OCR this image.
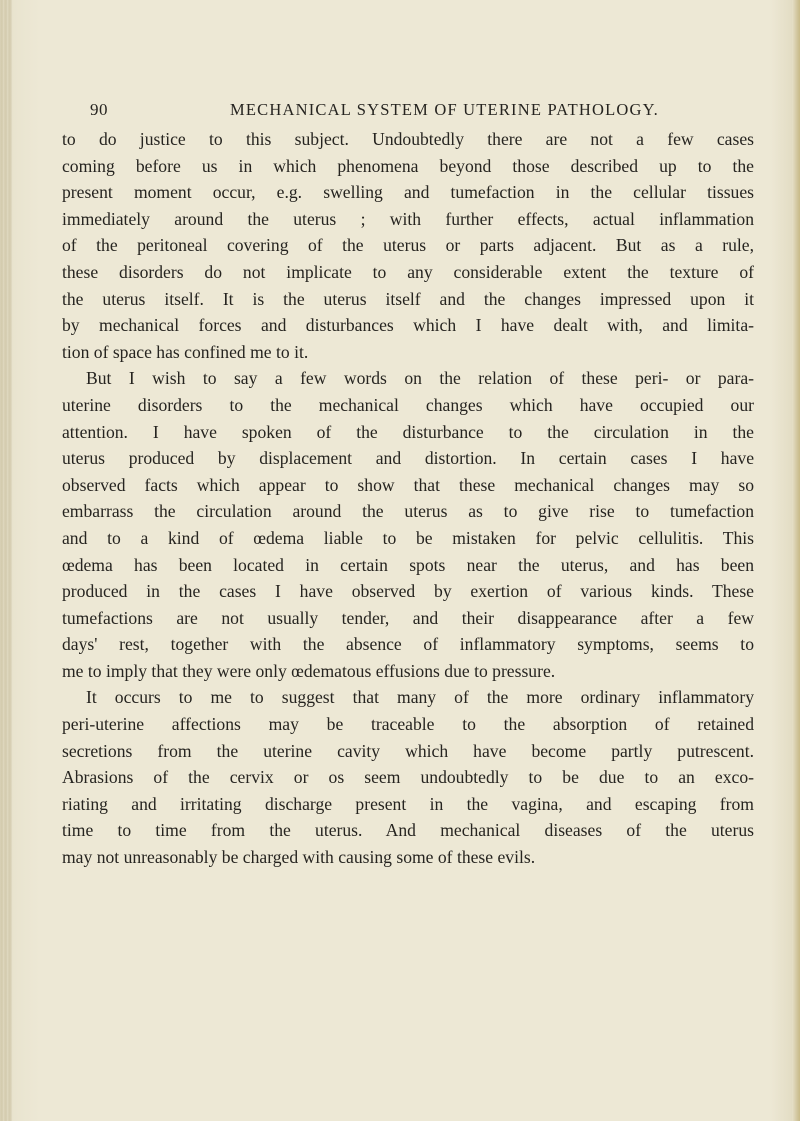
90	MECHANICAL SYSTEM OF UTERINE PATHOLOGY.
to do justice to this subject. Undoubtedly there are not a few cases
coming before us in which phenomena beyond those described up to the
present moment occur, e.g. swelling and tumefaction in the cellular tissues
immediately around the uterus ; with further effects, actual inflammation
of the peritoneal covering of the uterus or parts adjacent. But as a rule,
these disorders do not implicate to any considerable extent the texture of
the uterus itself. It is the uterus itself and the changes impressed upon it
by mechanical forces and disturbances which I have dealt with, and limita-
tion of space has confined me to it.
But I wish to say a few words on the relation of these peri- or para-
uterine disorders to the mechanical changes which have occupied our
attention. I have spoken of the disturbance to the circulation in the
uterus produced by displacement and distortion. In certain cases I have
observed facts which appear to show that these mechanical changes may so
embarrass the circulation around the uterus as to give rise to tumefaction
and to a kind of œdema liable to be mistaken for pelvic cellulitis. This
œdema has been located in certain spots near the uterus, and has been
produced in the cases I have observed by exertion of various kinds. These
tumefactions are not usually tender, and their disappearance after a few
days' rest, together with the absence of inflammatory symptoms, seems to
me to imply that they were only œdematous effusions due to pressure.
It occurs to me to suggest that many of the more ordinary inflammatory
peri-uterine affections may be traceable to the absorption of retained
secretions from the uterine cavity which have become partly putrescent.
Abrasions of the cervix or os seem undoubtedly to be due to an exco-
riating and irritating discharge present in the vagina, and escaping from
time to time from the uterus. And mechanical diseases of the uterus
may not unreasonably be charged with causing some of these evils.
